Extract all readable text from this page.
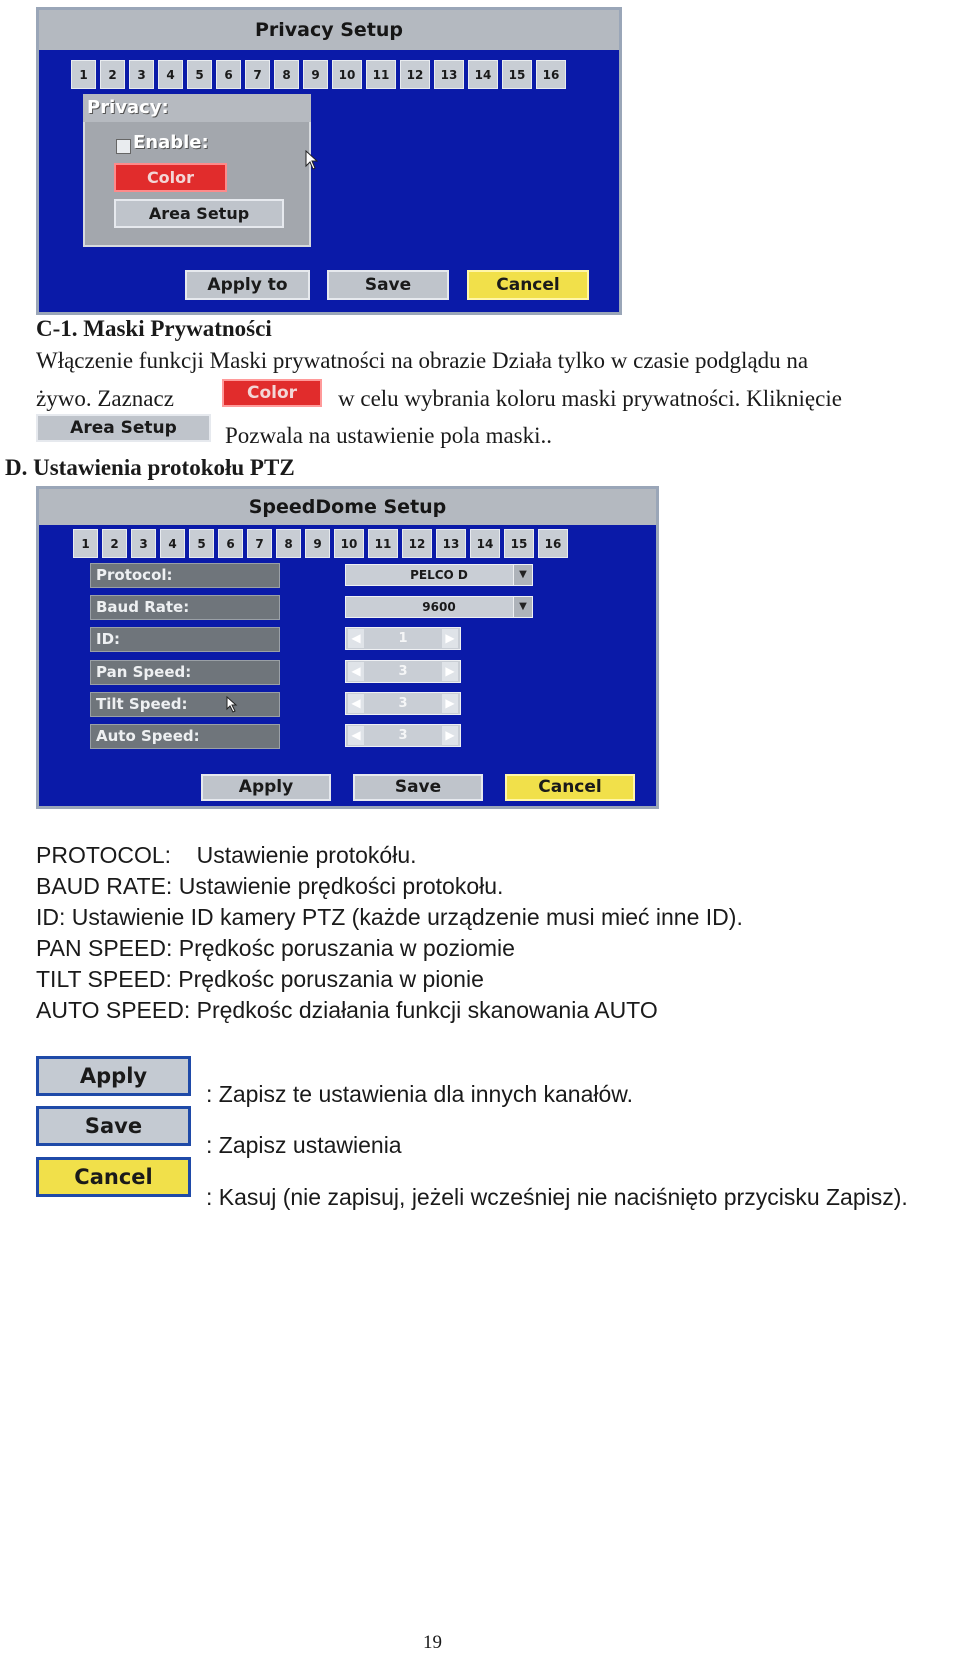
Privacy Setup
1	2	3	4	5	6	7	8	9	10	11	12	13	14	15	16
Privacy:
Enable:
Color
Area Setup
Apply to	Save	Cancel
C-1. Maski Prywatności
Włączenie funkcji Maski prywatności na obrazie Działa tylko w czasie podglądu na
żywo. Zaznacz	Color	w celu wybrania koloru maski prywatności. Kliknięcie
Area Setup	Pozwala na ustawienie pola maski..
D. Ustawienia protokołu PTZ
SpeedDome Setup
1	2	3	4	5	6	7	8	9	10	11	12	13	14	15	16
Protocol:	PELCO D	▼
Baud Rate:	9600	▼
ID:	◀	1	▶
Pan Speed:	◀	3	▶
Tilt Speed:	◀	3	▶
Auto Speed:	◀	3	▶
Apply	Save	Cancel
PROTOCOL:    Ustawienie protokółu.
BAUD RATE: Ustawienie prędkości protokołu.
ID: Ustawienie ID kamery PTZ (każde urządzenie musi mieć inne ID).
PAN SPEED: Prędkośc poruszania w poziomie
TILT SPEED: Prędkośc poruszania w pionie
AUTO SPEED: Prędkośc działania funkcji skanowania AUTO
Apply
: Zapisz te ustawienia dla innych kanałów.
Save
: Zapisz ustawienia
Cancel
: Kasuj (nie zapisuj, jeżeli wcześniej nie naciśnięto przycisku Zapisz).
19
